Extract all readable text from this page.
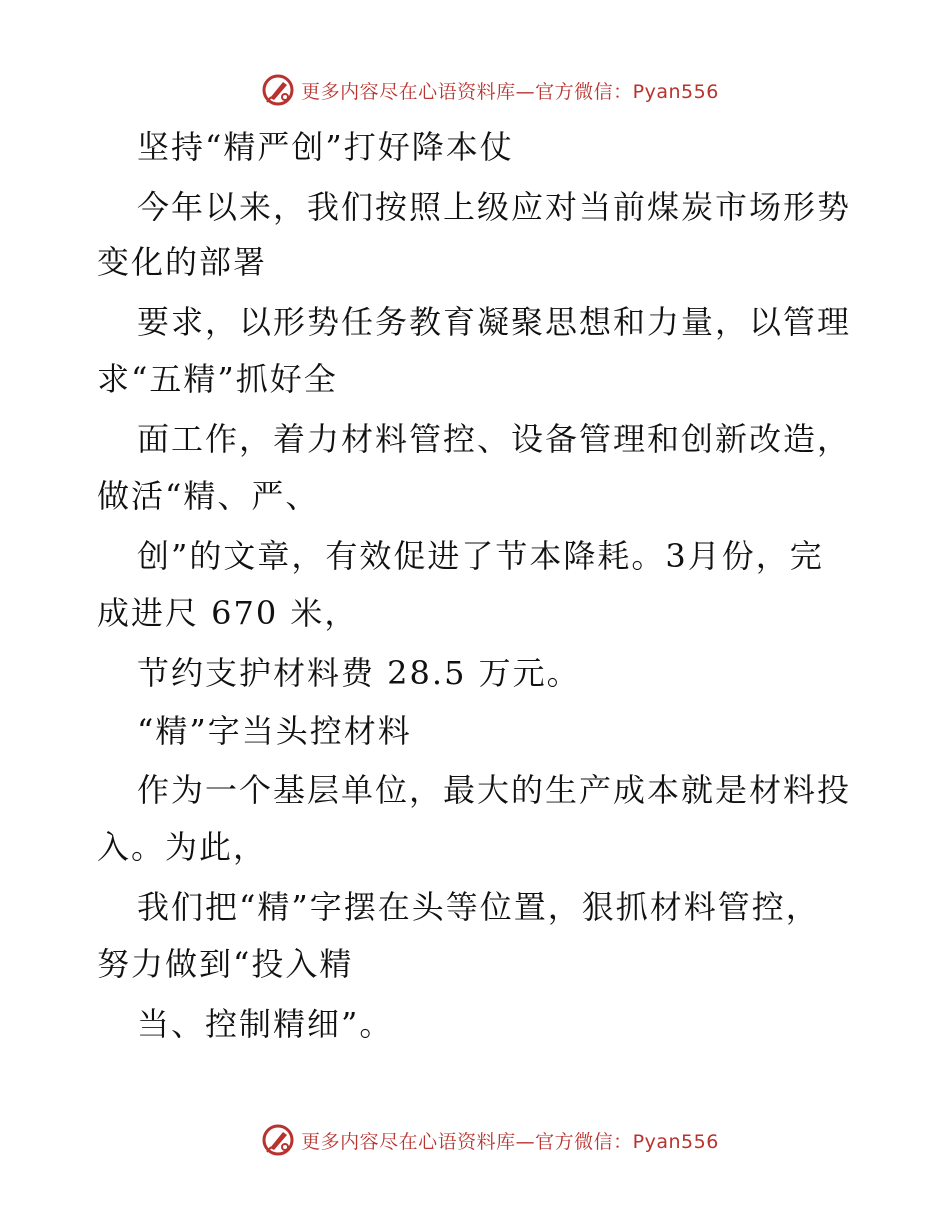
更多内容尽在心语资料库—官方微信：Pyan556
坚持“精严创”打好降本仗
今年以来，我们按照上级应对当前煤炭市场形势
变化的部署
要求，以形势任务教育凝聚思想和力量，以管理
求“五精”抓好全
面工作，着力材料管控、设备管理和创新改造，
做活“精、严、
创”的文章，有效促进了节本降耗。3月份，完
成进尺 670 米，
节约支护材料费 28.5 万元。
“精”字当头控材料
作为一个基层单位，最大的生产成本就是材料投
入。为此，
我们把“精”字摆在头等位置，狠抓材料管控，
努力做到“投入精
当、控制精细”。
更多内容尽在心语资料库—官方微信：Pyan556
